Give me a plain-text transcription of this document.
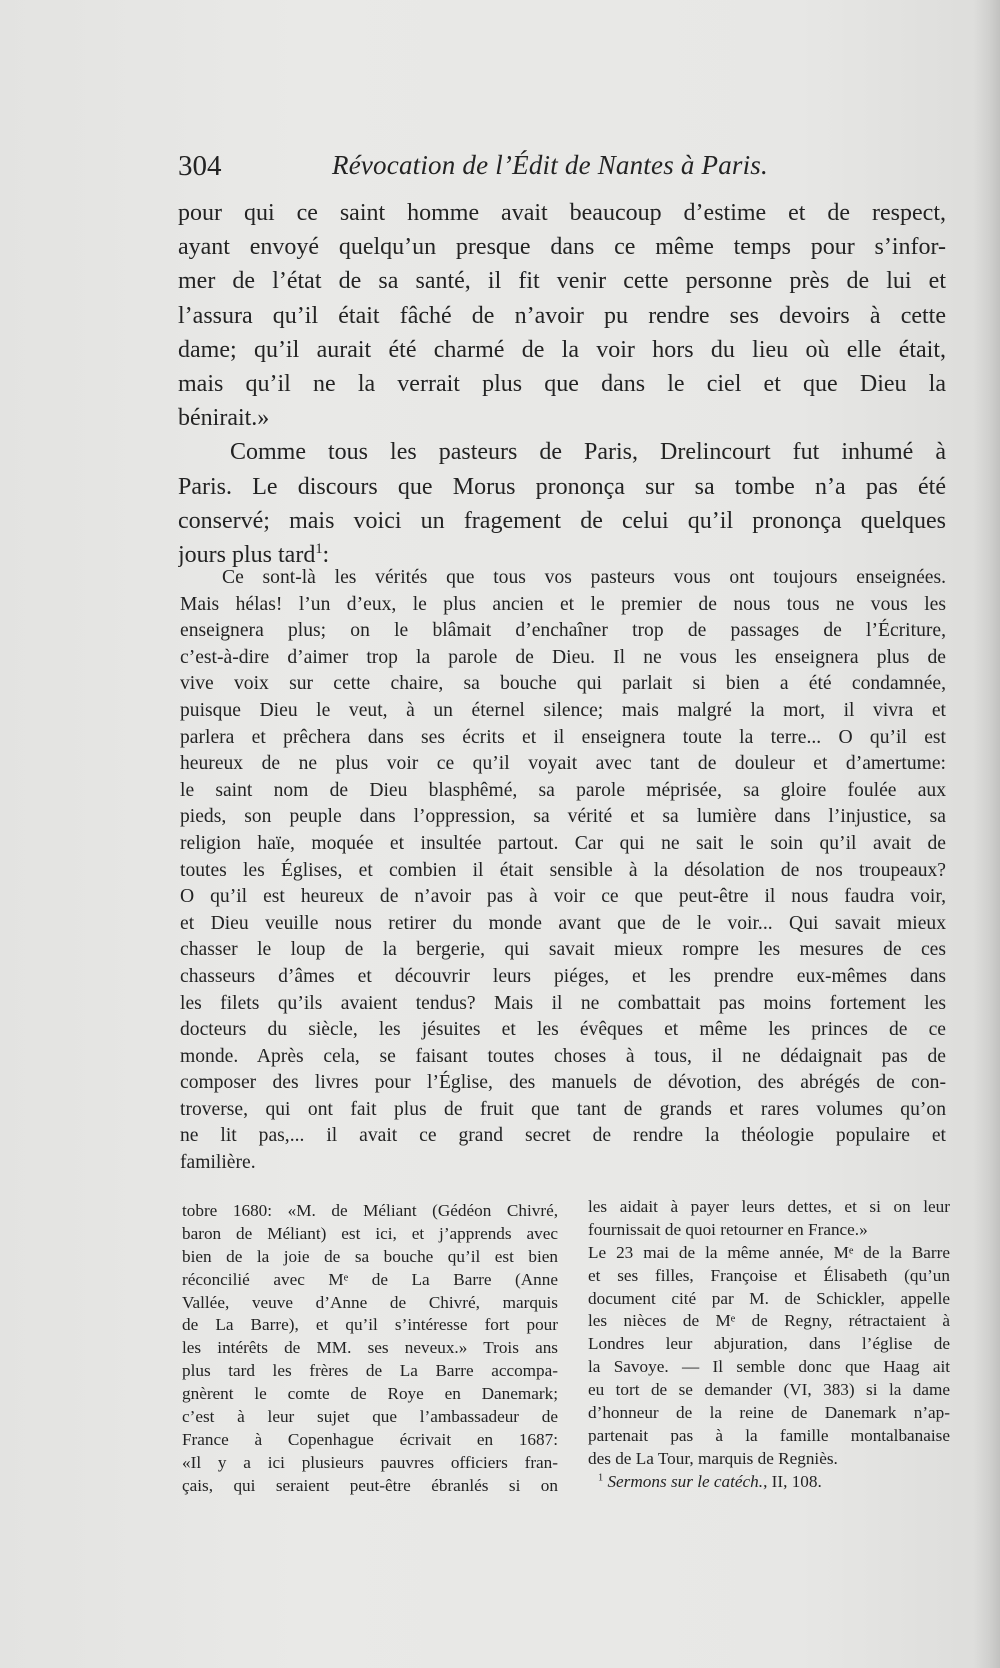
304	Révocation de l’Édit de Nantes à Paris.
pour qui ce saint homme avait beaucoup d’estime et de respect,
ayant envoyé quelqu’un presque dans ce même temps pour s’infor-
mer de l’état de sa santé, il fit venir cette personne près de lui et
l’assura qu’il était fâché de n’avoir pu rendre ses devoirs à cette
dame; qu’il aurait été charmé de la voir hors du lieu où elle était,
mais qu’il ne la verrait plus que dans le ciel et que Dieu la
bénirait.»
Comme tous les pasteurs de Paris, Drelincourt fut inhumé à
Paris. Le discours que Morus prononça sur sa tombe n’a pas été
conservé; mais voici un fragement de celui qu’il prononça quelques
jours plus tard$^1$:
Ce sont-là les vérités que tous vos pasteurs vous ont toujours enseignées.
Mais hélas! l’un d’eux, le plus ancien et le premier de nous tous ne vous les
enseignera plus; on le blâmait d’enchaîner trop de passages de l’Écriture,
c’est-à-dire d’aimer trop la parole de Dieu. Il ne vous les enseignera plus de
vive voix sur cette chaire, sa bouche qui parlait si bien a été condamnée,
puisque Dieu le veut, à un éternel silence; mais malgré la mort, il vivra et
parlera et prêchera dans ses écrits et il enseignera toute la terre... O qu’il est
heureux de ne plus voir ce qu’il voyait avec tant de douleur et d’amertume:
le saint nom de Dieu blasphêmé, sa parole méprisée, sa gloire foulée aux
pieds, son peuple dans l’oppression, sa vérité et sa lumière dans l’injustice, sa
religion haïe, moquée et insultée partout. Car qui ne sait le soin qu’il avait de
toutes les Églises, et combien il était sensible à la désolation de nos troupeaux?
O qu’il est heureux de n’avoir pas à voir ce que peut-être il nous faudra voir,
et Dieu veuille nous retirer du monde avant que de le voir... Qui savait mieux
chasser le loup de la bergerie, qui savait mieux rompre les mesures de ces
chasseurs d’âmes et découvrir leurs piéges, et les prendre eux-mêmes dans
les filets qu’ils avaient tendus? Mais il ne combattait pas moins fortement les
docteurs du siècle, les jésuites et les évêques et même les princes de ce
monde. Après cela, se faisant toutes choses à tous, il ne dédaignait pas de
composer des livres pour l’Église, des manuels de dévotion, des abrégés de con-
troverse, qui ont fait plus de fruit que tant de grands et rares volumes qu’on
ne lit pas,... il avait ce grand secret de rendre la théologie populaire et
familière.
tobre 1680: «M. de Méliant (Gédéon Chivré,
baron de Méliant) est ici, et j’apprends avec
bien de la joie de sa bouche qu’il est bien
réconcilié avec Mᵉ de La Barre (Anne
Vallée, veuve d’Anne de Chivré, marquis
de La Barre), et qu’il s’intéresse fort pour
les intérêts de MM. ses neveux.» Trois ans
plus tard les frères de La Barre accompa-
gnèrent le comte de Roye en Danemark;
c’est à leur sujet que l’ambassadeur de
France à Copenhague écrivait en 1687:
«Il y a ici plusieurs pauvres officiers fran-
çais, qui seraient peut-être ébranlés si on
les aidait à payer leurs dettes, et si on leur
fournissait de quoi retourner en France.»
Le 23 mai de la même année, Mᵉ de la Barre
et ses filles, Françoise et Élisabeth (qu’un
document cité par M. de Schickler, appelle
les nièces de Mᵉ de Regny, rétractaient à
Londres leur abjuration, dans l’église de
la Savoye. — Il semble donc que Haag ait
eu tort de se demander (VI, 383) si la dame
d’honneur de la reine de Danemark n’ap-
partenait pas à la famille montalbanaise
des de La Tour, marquis de Regniès.
$^1$ Sermons sur le catéch., II, 108.
